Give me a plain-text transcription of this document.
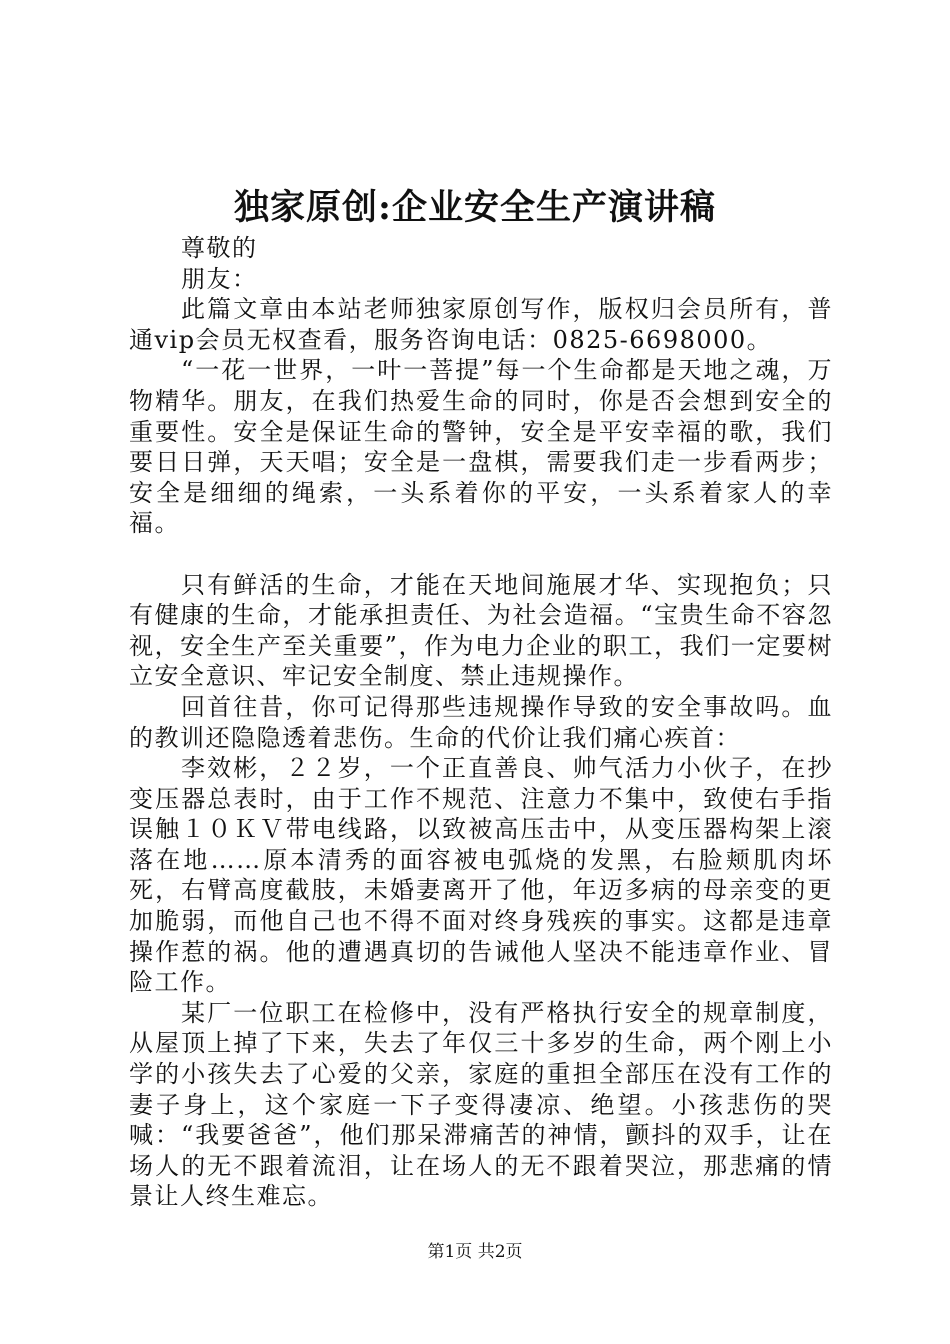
独家原创:企业安全生产演讲稿

尊敬的

朋友：

此篇文章由本站老师独家原创写作，版权归会员所有，普通vip会员无权查看，服务咨询电话：0825-6698000。

“一花一世界，一叶一菩提”每一个生命都是天地之魂，万物精华。朋友，在我们热爱生命的同时，你是否会想到安全的重要性。安全是保证生命的警钟，安全是平安幸福的歌，我们要日日弹，天天唱；安全是一盘棋，需要我们走一步看两步；安全是细细的绳索，一头系着你的平安，一头系着家人的幸福。

只有鲜活的生命，才能在天地间施展才华、实现抱负；只有健康的生命，才能承担责任、为社会造福。“宝贵生命不容忽视，安全生产至关重要”，作为电力企业的职工，我们一定要树立安全意识、牢记安全制度、禁止违规操作。

回首往昔，你可记得那些违规操作导致的安全事故吗。血的教训还隐隐透着悲伤。生命的代价让我们痛心疾首：

李效彬，２２岁，一个正直善良、帅气活力小伙子，在抄变压器总表时，由于工作不规范、注意力不集中，致使右手指误触１０ＫＶ带电线路，以致被高压击中，从变压器构架上滚落在地……原本清秀的面容被电弧烧的发黑，右脸颊肌肉坏死，右臂高度截肢，未婚妻离开了他，年迈多病的母亲变的更加脆弱，而他自己也不得不面对终身残疾的事实。这都是违章操作惹的祸。他的遭遇真切的告诫他人坚决不能违章作业、冒险工作。

某厂一位职工在检修中，没有严格执行安全的规章制度，从屋顶上掉了下来，失去了年仅三十多岁的生命，两个刚上小学的小孩失去了心爱的父亲，家庭的重担全部压在没有工作的妻子身上，这个家庭一下子变得凄凉、绝望。小孩悲伤的哭喊：“我要爸爸”，他们那呆滞痛苦的神情，颤抖的双手，让在场人的无不跟着流泪，让在场人的无不跟着哭泣，那悲痛的情景让人终生难忘。

第1页 共2页
